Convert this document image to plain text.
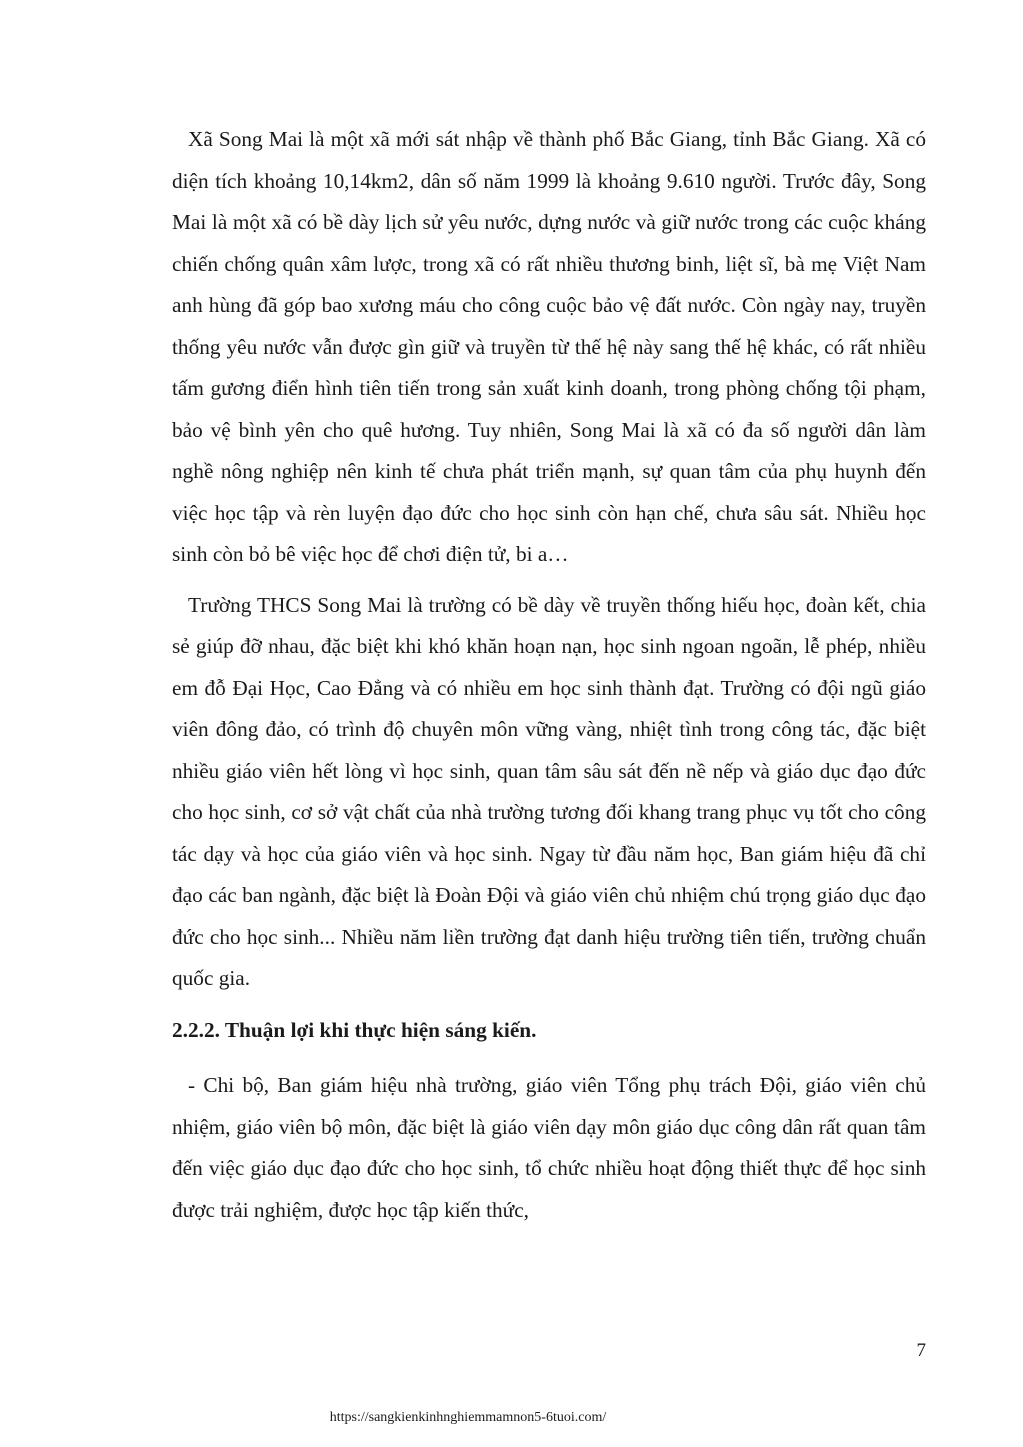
Xã Song Mai là một xã mới sát nhập về thành phố Bắc Giang, tỉnh Bắc Giang. Xã có diện tích khoảng 10,14km2, dân số năm 1999 là khoảng 9.610 người. Trước đây, Song Mai là một xã có bề dày lịch sử yêu nước, dựng nước và giữ nước trong các cuộc kháng chiến chống quân xâm lược, trong xã có rất nhiều thương binh, liệt sĩ, bà mẹ Việt Nam anh hùng đã góp bao xương máu cho công cuộc bảo vệ đất nước. Còn ngày nay, truyền thống yêu nước vẫn được gìn giữ và truyền từ thế hệ này sang thế hệ khác, có rất nhiều tấm gương điển hình tiên tiến trong sản xuất kinh doanh, trong phòng chống tội phạm, bảo vệ bình yên cho quê hương. Tuy nhiên, Song Mai là xã có đa số người dân làm nghề nông nghiệp nên kinh tế chưa phát triển mạnh, sự quan tâm của phụ huynh đến việc học tập và rèn luyện đạo đức cho học sinh còn hạn chế, chưa sâu sát. Nhiều học sinh còn bỏ bê việc học để chơi điện tử, bi a…

Trường THCS Song Mai là trường có bề dày về truyền thống hiếu học, đoàn kết, chia sẻ giúp đỡ nhau, đặc biệt khi khó khăn hoạn nạn, học sinh ngoan ngoãn, lễ phép, nhiều em đỗ Đại Học, Cao Đẳng và có nhiều em học sinh thành đạt. Trường có đội ngũ giáo viên đông đảo, có trình độ chuyên môn vững vàng, nhiệt tình trong công tác, đặc biệt nhiều giáo viên hết lòng vì học sinh, quan tâm sâu sát đến nề nếp và giáo dục đạo đức cho học sinh, cơ sở vật chất của nhà trường tương đối khang trang phục vụ tốt cho công tác dạy và học của giáo viên và học sinh. Ngay từ đầu năm học, Ban giám hiệu đã chỉ đạo các ban ngành, đặc biệt là Đoàn Đội và giáo viên chủ nhiệm chú trọng giáo dục đạo đức cho học sinh... Nhiều năm liền trường đạt danh hiệu trường tiên tiến, trường chuẩn quốc gia.

2.2.2. Thuận lợi khi thực hiện sáng kiến.

- Chi bộ, Ban giám hiệu nhà trường, giáo viên Tổng phụ trách Đội, giáo viên chủ nhiệm, giáo viên bộ môn, đặc biệt là giáo viên dạy môn giáo dục công dân rất quan tâm đến việc giáo dục đạo đức cho học sinh, tổ chức nhiều hoạt động thiết thực để học sinh được trải nghiệm, được học tập kiến thức,

7
https://sangkienkinhnghiemmamnon5-6tuoi.com/
